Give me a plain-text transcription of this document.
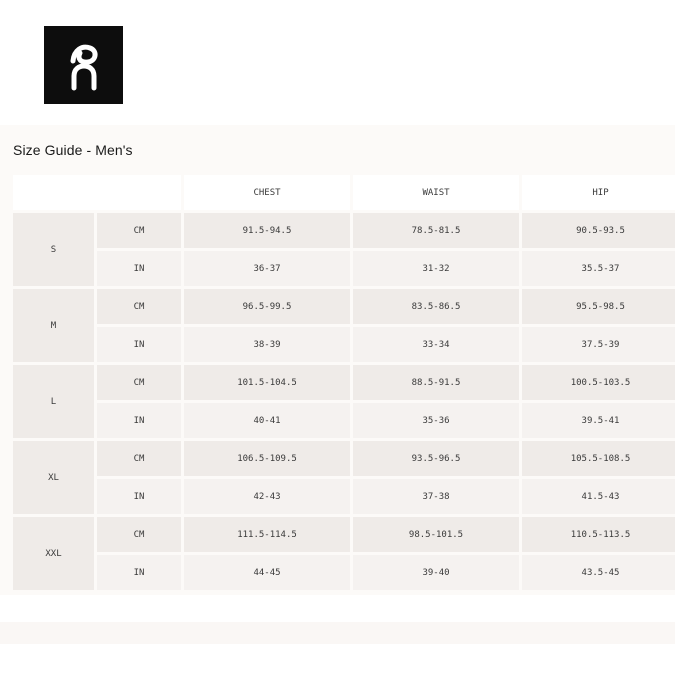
Size Guide - Men's
CHEST	WAIST	HIP
S
CM	91.5-94.5	78.5-81.5	90.5-93.5
IN	36-37	31-32	35.5-37
M
CM	96.5-99.5	83.5-86.5	95.5-98.5
IN	38-39	33-34	37.5-39
L
CM	101.5-104.5	88.5-91.5	100.5-103.5
IN	40-41	35-36	39.5-41
XL
CM	106.5-109.5	93.5-96.5	105.5-108.5
IN	42-43	37-38	41.5-43
XXL
CM	111.5-114.5	98.5-101.5	110.5-113.5
IN	44-45	39-40	43.5-45
